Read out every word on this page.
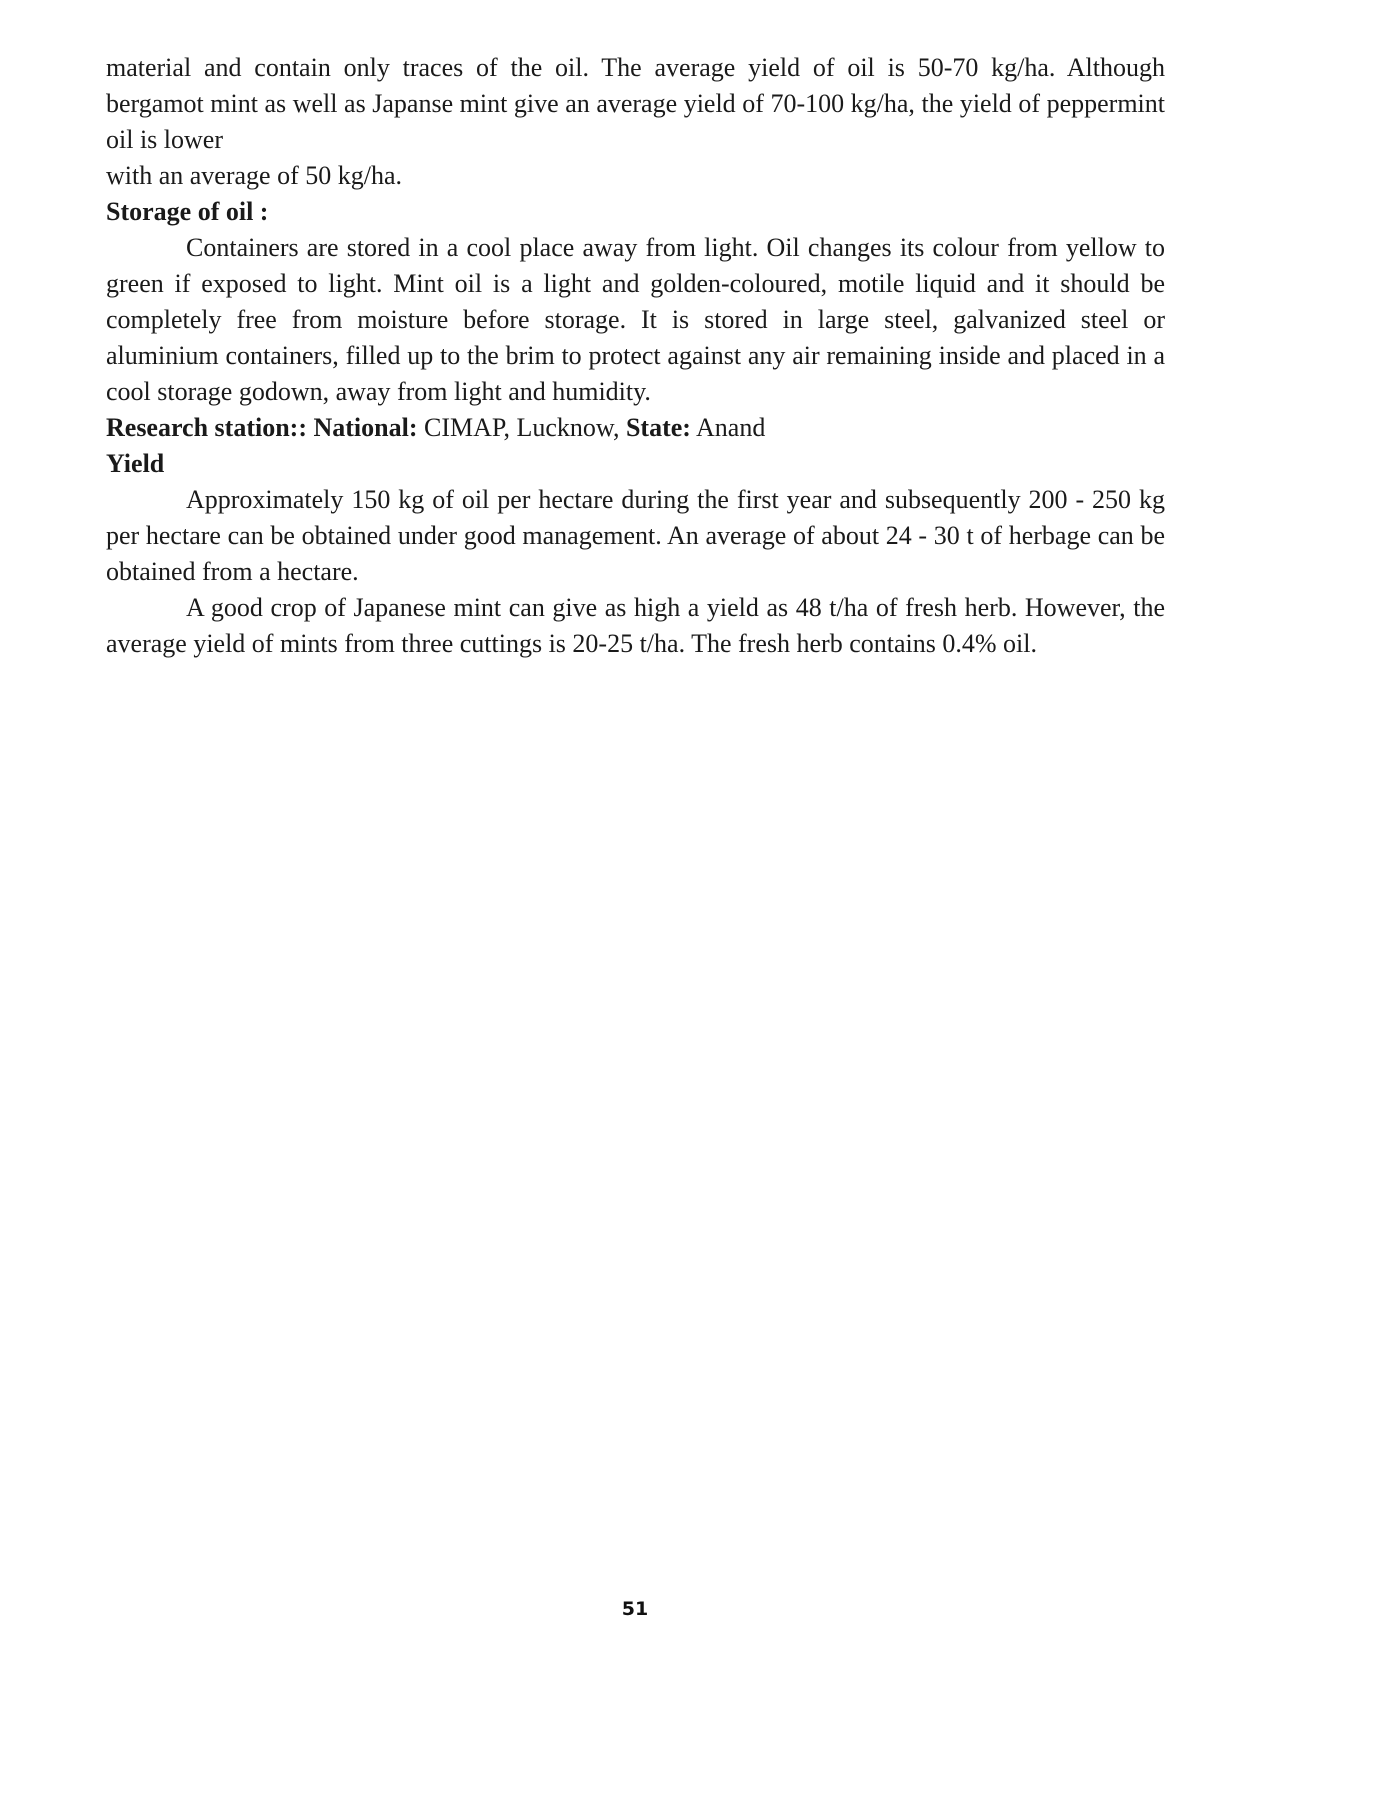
material and contain only traces of the oil. The average yield of oil is 50-70 kg/ha. Although bergamot mint as well as Japanse mint give an average yield of 70-100 kg/ha, the yield of peppermint oil is lower

with an average of 50 kg/ha.

Storage of oil :

Containers are stored in a cool place away from light. Oil changes its colour from yellow to green if exposed to light. Mint oil is a light and golden-coloured, motile liquid and it should be completely free from moisture before storage. It is stored in large steel, galvanized steel or aluminium containers, filled up to the brim to protect against any air remaining inside and placed in a cool storage godown, away from light and humidity.

Research station:: National: CIMAP, Lucknow, State: Anand

Yield

Approximately 150 kg of oil per hectare during the first year and subsequently 200 - 250 kg per hectare can be obtained under good management. An average of about 24 - 30 t of herbage can be obtained from a hectare.

A good crop of Japanese mint can give as high a yield as 48 t/ha of fresh herb. However, the average yield of mints from three cuttings is 20-25 t/ha. The fresh herb contains 0.4% oil.

51
